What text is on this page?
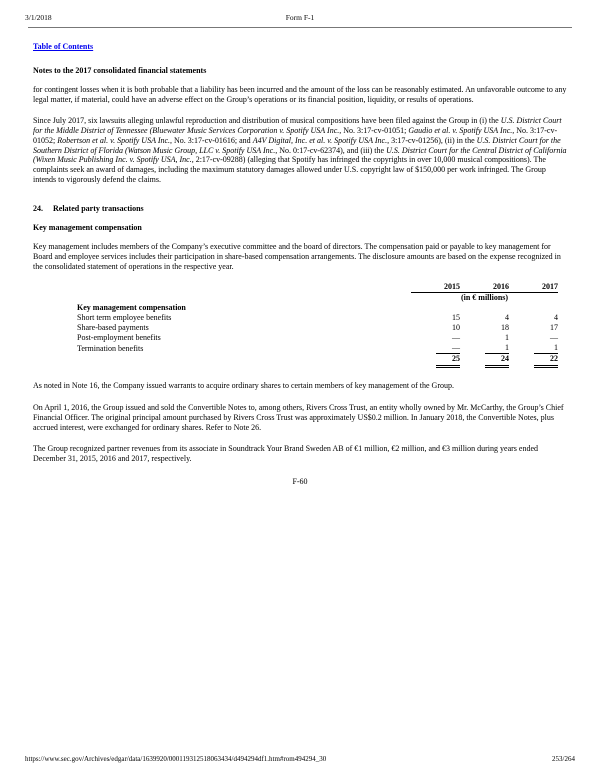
3/1/2018	Form F-1
Table of Contents
Notes to the 2017 consolidated financial statements

for contingent losses when it is both probable that a liability has been incurred and the amount of the loss can be reasonably estimated. An unfavorable outcome to any legal matter, if material, could have an adverse effect on the Group’s operations or its financial position, liquidity, or results of operations.

Since July 2017, six lawsuits alleging unlawful reproduction and distribution of musical compositions have been filed against the Group in (i) the U.S. District Court for the Middle District of Tennessee (Bluewater Music Services Corporation v. Spotify USA Inc., No. 3:17-cv-01051; Gaudio et al. v. Spotify USA Inc., No. 3:17-cv-01052; Robertson et al. v. Spotify USA Inc., No. 3:17-cv-01616; and A4V Digital, Inc. et al. v. Spotify USA Inc., 3:17-cv-01256), (ii) in the U.S. District Court for the Southern District of Florida (Watson Music Group, LLC v. Spotify USA Inc., No. 0:17-cv-62374), and (iii) the U.S. District Court for the Central District of California (Wixen Music Publishing Inc. v. Spotify USA, Inc., 2:17-cv-09288) (alleging that Spotify has infringed the copyrights in over 10,000 musical compositions). The complaints seek an award of damages, including the maximum statutory damages allowed under U.S. copyright law of $150,000 per work infringed. The Group intends to vigorously defend the claims.

24. Related party transactions
Key management compensation

Key management includes members of the Company’s executive committee and the board of directors. The compensation paid or payable to key management for Board and employee services includes their participation in share-based compensation arrangements. The disclosure amounts are based on the expense recognized in the consolidated statement of operations in the respective year.

	2015	2016	2017
	(in € millions)		
Key management compensation			
Short term employee benefits	15	4	4
Share-based payments	10	18	17
Post-employment benefits	—	1	—
Termination benefits	—	1	1

	25	24	22

As noted in Note 16, the Company issued warrants to acquire ordinary shares to certain members of key management of the Group.

On April 1, 2016, the Group issued and sold the Convertible Notes to, among others, Rivers Cross Trust, an entity wholly owned by Mr. McCarthy, the Group’s Chief Financial Officer. The original principal amount purchased by Rivers Cross Trust was approximately US$0.2 million. In January 2018, the Convertible Notes, plus accrued interest, were exchanged for ordinary shares. Refer to Note 26.

The Group recognized partner revenues from its associate in Soundtrack Your Brand Sweden AB of €1 million, €2 million, and €3 million during years ended December 31, 2015, 2016 and 2017, respectively.

F-60
https://www.sec.gov/Archives/edgar/data/1639920/000119312518063434/d494294df1.htm#rom494294_30	253/264
